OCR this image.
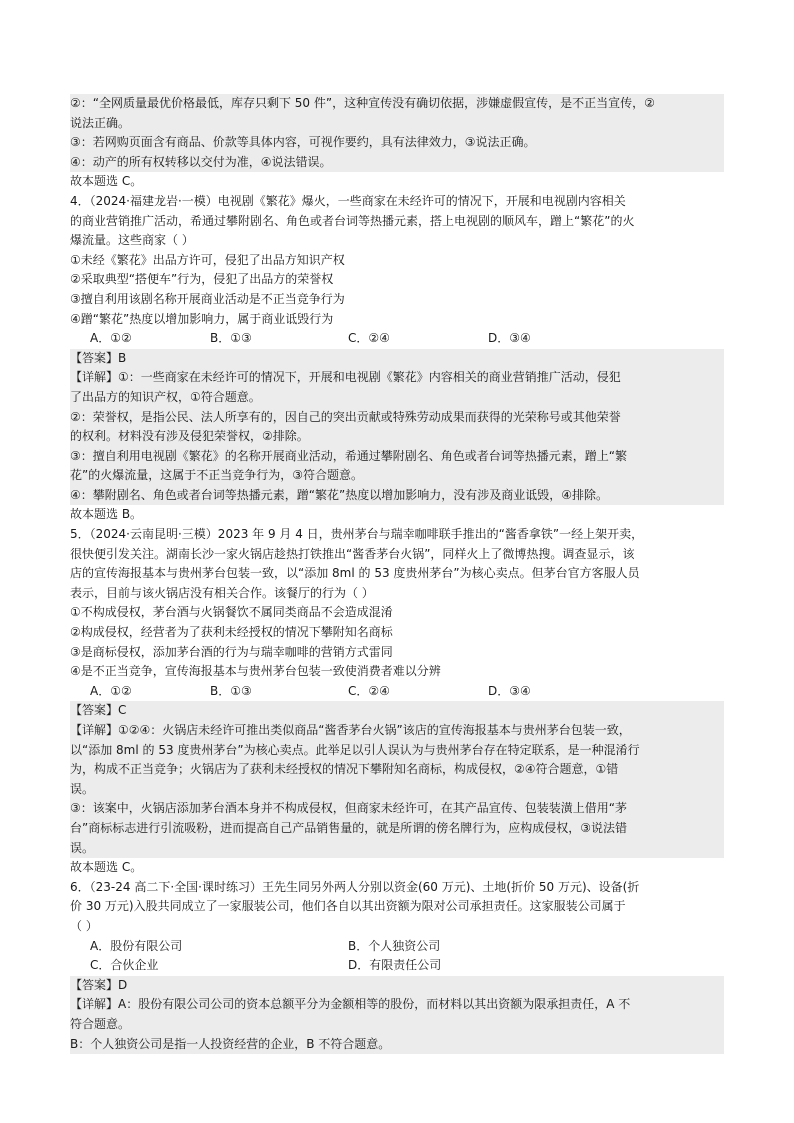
②：“全网质量最优价格最低，库存只剩下 50 件”，这种宣传没有确切依据，涉嫌虚假宣传，是不正当宣传，②
说法正确。
③：若网购页面含有商品、价款等具体内容，可视作要约，具有法律效力，③说法正确。
④：动产的所有权转移以交付为准，④说法错误。
故本题选 C。
4．（2024·福建龙岩·一模）电视剧《繁花》爆火，一些商家在未经许可的情况下，开展和电视剧内容相关
的商业营销推广活动，希通过攀附剧名、角色或者台词等热播元素，搭上电视剧的顺风车，蹭上“繁花”的火
爆流量。这些商家（ ）
①未经《繁花》出品方许可，侵犯了出品方知识产权
②采取典型“搭便车”行为，侵犯了出品方的荣誉权
③擅自利用该剧名称开展商业活动是不正当竞争行为
④蹭“繁花”热度以增加影响力，属于商业诋毁行为
A．①②	B．①③	C．②④	D．③④
【答案】B
【详解】①：一些商家在未经许可的情况下，开展和电视剧《繁花》内容相关的商业营销推广活动，侵犯
了出品方的知识产权，①符合题意。
②：荣誉权，是指公民、法人所享有的，因自己的突出贡献或特殊劳动成果而获得的光荣称号或其他荣誉
的权利。材料没有涉及侵犯荣誉权，②排除。
③：擅自利用电视剧《繁花》的名称开展商业活动，希通过攀附剧名、角色或者台词等热播元素，蹭上“繁
花”的火爆流量，这属于不正当竞争行为，③符合题意。
④：攀附剧名、角色或者台词等热播元素，蹭“繁花”热度以增加影响力，没有涉及商业诋毁，④排除。
故本题选 B。
5．（2024·云南昆明·三模）2023 年 9 月 4 日，贵州茅台与瑞幸咖啡联手推出的“酱香拿铁”一经上架开卖，
很快便引发关注。湖南长沙一家火锅店趁热打铁推出“酱香茅台火锅”，同样火上了微博热搜。调查显示，该
店的宣传海报基本与贵州茅台包装一致，以“添加 8ml 的 53 度贵州茅台”为核心卖点。但茅台官方客服人员
表示，目前与该火锅店没有相关合作。该餐厅的行为（ ）
①不构成侵权，茅台酒与火锅餐饮不属同类商品不会造成混淆
②构成侵权，经营者为了获利未经授权的情况下攀附知名商标
③是商标侵权，添加茅台酒的行为与瑞幸咖啡的营销方式雷同
④是不正当竞争，宣传海报基本与贵州茅台包装一致使消费者难以分辨
A．①②	B．①③	C．②④	D．③④
【答案】C
【详解】①②④：火锅店未经许可推出类似商品“酱香茅台火锅”该店的宣传海报基本与贵州茅台包装一致，
以“添加 8ml 的 53 度贵州茅台”为核心卖点。此举足以引人误认为与贵州茅台存在特定联系，是一种混淆行
为，构成不正当竞争；火锅店为了获利未经授权的情况下攀附知名商标，构成侵权，②④符合题意，①错
误。
③：该案中，火锅店添加茅台酒本身并不构成侵权，但商家未经许可，在其产品宣传、包装装潢上借用“茅
台”商标标志进行引流吸粉，进而提高自己产品销售量的，就是所谓的傍名牌行为，应构成侵权，③说法错
误。
故本题选 C。
6．（23-24 高二下·全国·课时练习）王先生同另外两人分别以资金(60 万元)、土地(折价 50 万元)、设备(折
价 30 万元)入股共同成立了一家服装公司，他们各自以其出资额为限对公司承担责任。这家服装公司属于
（ ）
A．股份有限公司	B．个人独资公司
C．合伙企业	D．有限责任公司
【答案】D
【详解】A：股份有限公司公司的资本总额平分为金额相等的股份，而材料以其出资额为限承担责任，A 不
符合题意。
B：个人独资公司是指一人投资经营的企业，B 不符合题意。
